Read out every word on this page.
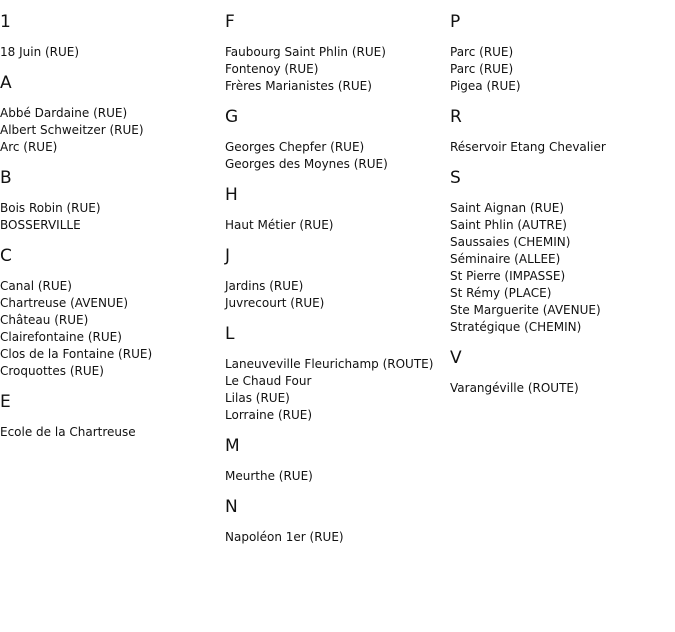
1
18 Juin (RUE)
A
Abbé Dardaine (RUE)
Albert Schweitzer (RUE)
Arc (RUE)
B
Bois Robin (RUE)
BOSSERVILLE
C
Canal (RUE)
Chartreuse (AVENUE)
Château (RUE)
Clairefontaine (RUE)
Clos de la Fontaine (RUE)
Croquottes (RUE)
E
Ecole de la Chartreuse
F
Faubourg Saint Phlin (RUE)
Fontenoy (RUE)
Frères Marianistes (RUE)
G
Georges Chepfer (RUE)
Georges des Moynes (RUE)
H
Haut Métier (RUE)
J
Jardins (RUE)
Juvrecourt (RUE)
L
Laneuveville Fleurichamp (ROUTE)
Le Chaud Four
Lilas (RUE)
Lorraine (RUE)
M
Meurthe (RUE)
N
Napoléon 1er (RUE)
P
Parc (RUE)
Parc (RUE)
Pigea (RUE)
R
Réservoir Etang Chevalier
S
Saint Aignan (RUE)
Saint Phlin (AUTRE)
Saussaies (CHEMIN)
Séminaire (ALLEE)
St Pierre (IMPASSE)
St Rémy (PLACE)
Ste Marguerite (AVENUE)
Stratégique (CHEMIN)
V
Varangéville (ROUTE)
